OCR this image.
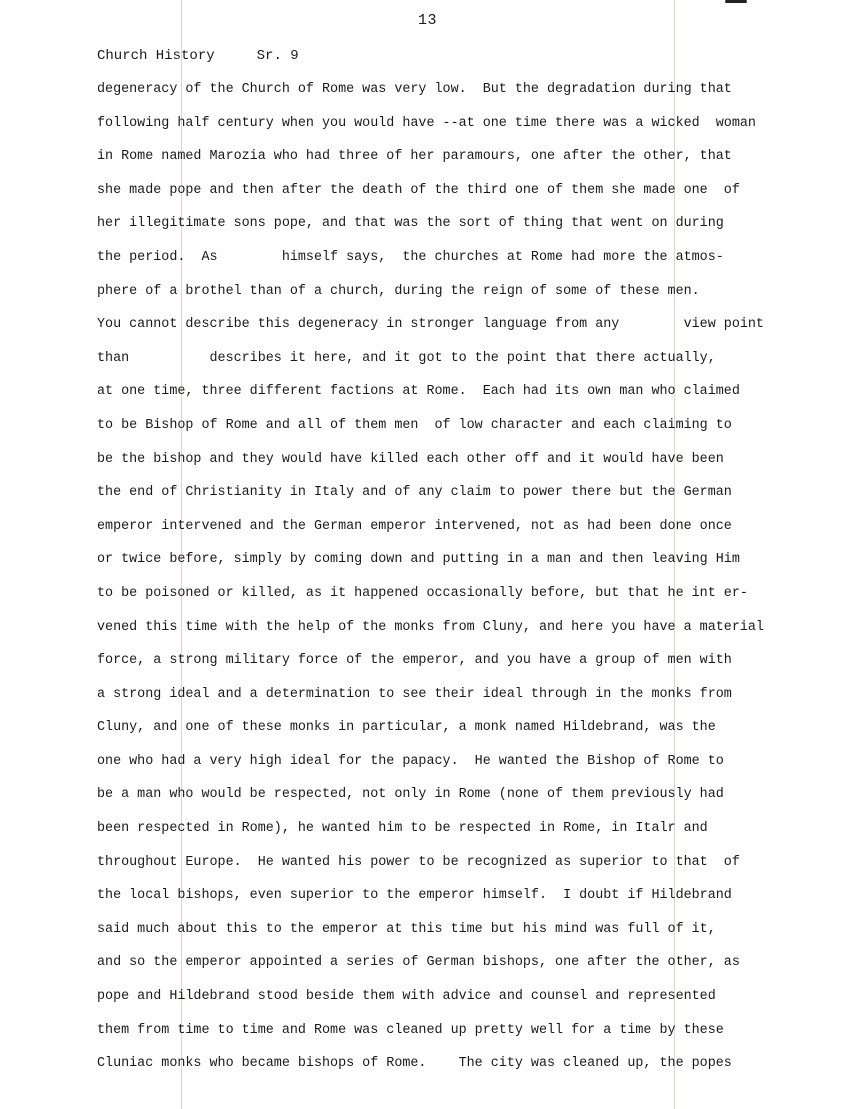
13
Church History	Sr. 9
degeneracy of the Church of Rome was very low.  But the degradation during that
following half century when you would have --at one time there was a wicked  woman
in Rome named Marozia who had three of her paramours, one after the other, that
she made pope and then after the death of the third one of them she made one  of
her illegitimate sons pope, and that was the sort of thing that went on during
the period.  As        himself says,  the churches at Rome had more the atmos-
phere of a brothel than of a church, during the reign of some of these men.
You cannot describe this degeneracy in stronger language from any        view point
than          describes it here, and it got to the point that there actually,
at one time, three different factions at Rome.  Each had its own man who claimed
to be Bishop of Rome and all of them men  of low character and each claiming to
be the bishop and they would have killed each other off and it would have been
the end of Christianity in Italy and of any claim to power there but the German
emperor intervened and the German emperor intervened, not as had been done once
or twice before, simply by coming down and putting in a man and then leaving Him
to be poisoned or killed, as it happened occasionally before, but that he int er-
vened this time with the help of the monks from Cluny, and here you have a material
force, a strong military force of the emperor, and you have a group of men with
a strong ideal and a determination to see their ideal through in the monks from
Cluny, and one of these monks in particular, a monk named Hildebrand, was the
one who had a very high ideal for the papacy.  He wanted the Bishop of Rome to
be a man who would be respected, not only in Rome (none of them previously had
been respected in Rome), he wanted him to be respected in Rome, in Italr and
throughout Europe.  He wanted his power to be recognized as superior to that  of
the local bishops, even superior to the emperor himself.  I doubt if Hildebrand
said much about this to the emperor at this time but his mind was full of it,
and so the emperor appointed a series of German bishops, one after the other, as
pope and Hildebrand stood beside them with advice and counsel and represented
them from time to time and Rome was cleaned up pretty well for a time by these
Cluniac monks who became bishops of Rome.    The city was cleaned up, the popes
